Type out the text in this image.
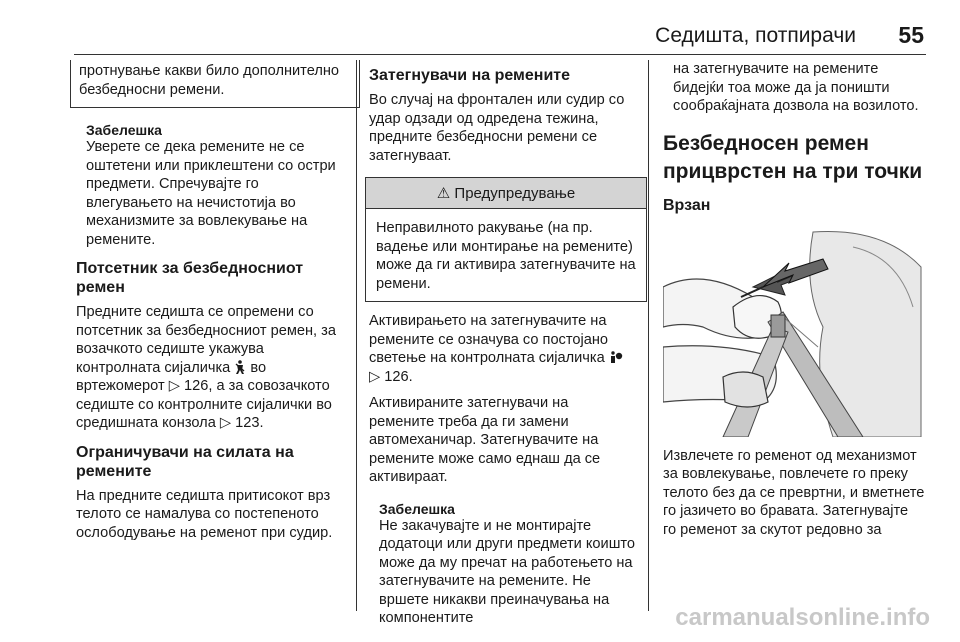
Седишта, потпирачи 55

протнување какви било дополнително безбедносни ремени.

Забелешка

Уверете се дека ремените не се оштетени или приклештени со остри предмети. Спречувајте го влегувањето на нечистотија во механизмите за вовлекување на ремените.

Потсетник за безбедносниот ремен

Предните седишта се опремени со потсетник за безбедносниот ремен, за возачкото седиште укажува контролната сијаличка во вртежомерот ▷ 126, а за совозачкото седиште со контролните сијалички во средишната конзола ▷ 123.

Ограничувачи на силата на ремените

На предните седишта притисокот врз телото се намалува со постепеното ослободување на ременот при судир.

Затегнувачи на ремените

Во случај на фронтален или судир со удар одзади од одредена тежина, предните безбедносни ремени се затегнуваат.

⚠ Предупредување

Неправилното ракување (на пр. вадење или монтирање на ремените) може да ги активира затегнувачите на ремени.

Активирањето на затегнувачите на ремените се означува со постојано светење на контролната сијаличка  ▷ 126.

Активираните затегнувачи на ремените треба да ги замени автомеханичар. Затегнувачите на ремените може само еднаш да се активираат.

Забелешка

Не закачувајте и не монтирајте додатоци или други предмети коишто може да му пречат на работењето на затегнувачите на ремените. Не вршете никакви преиначувања на компонентите

на затегнувачите на ремените бидејќи тоа може да ја поништи сообраќајната дозвола на возилото.

Безбедносен ремен прицврстен на три точки
Врзан

Извлечете го ременот од механизмот за вовлекување, повлечете го преку телото без да се превртни, и вметнете го јазичето во бравата. Затегнувајте го ременот за скутот редовно за

carmanualsonline.info
